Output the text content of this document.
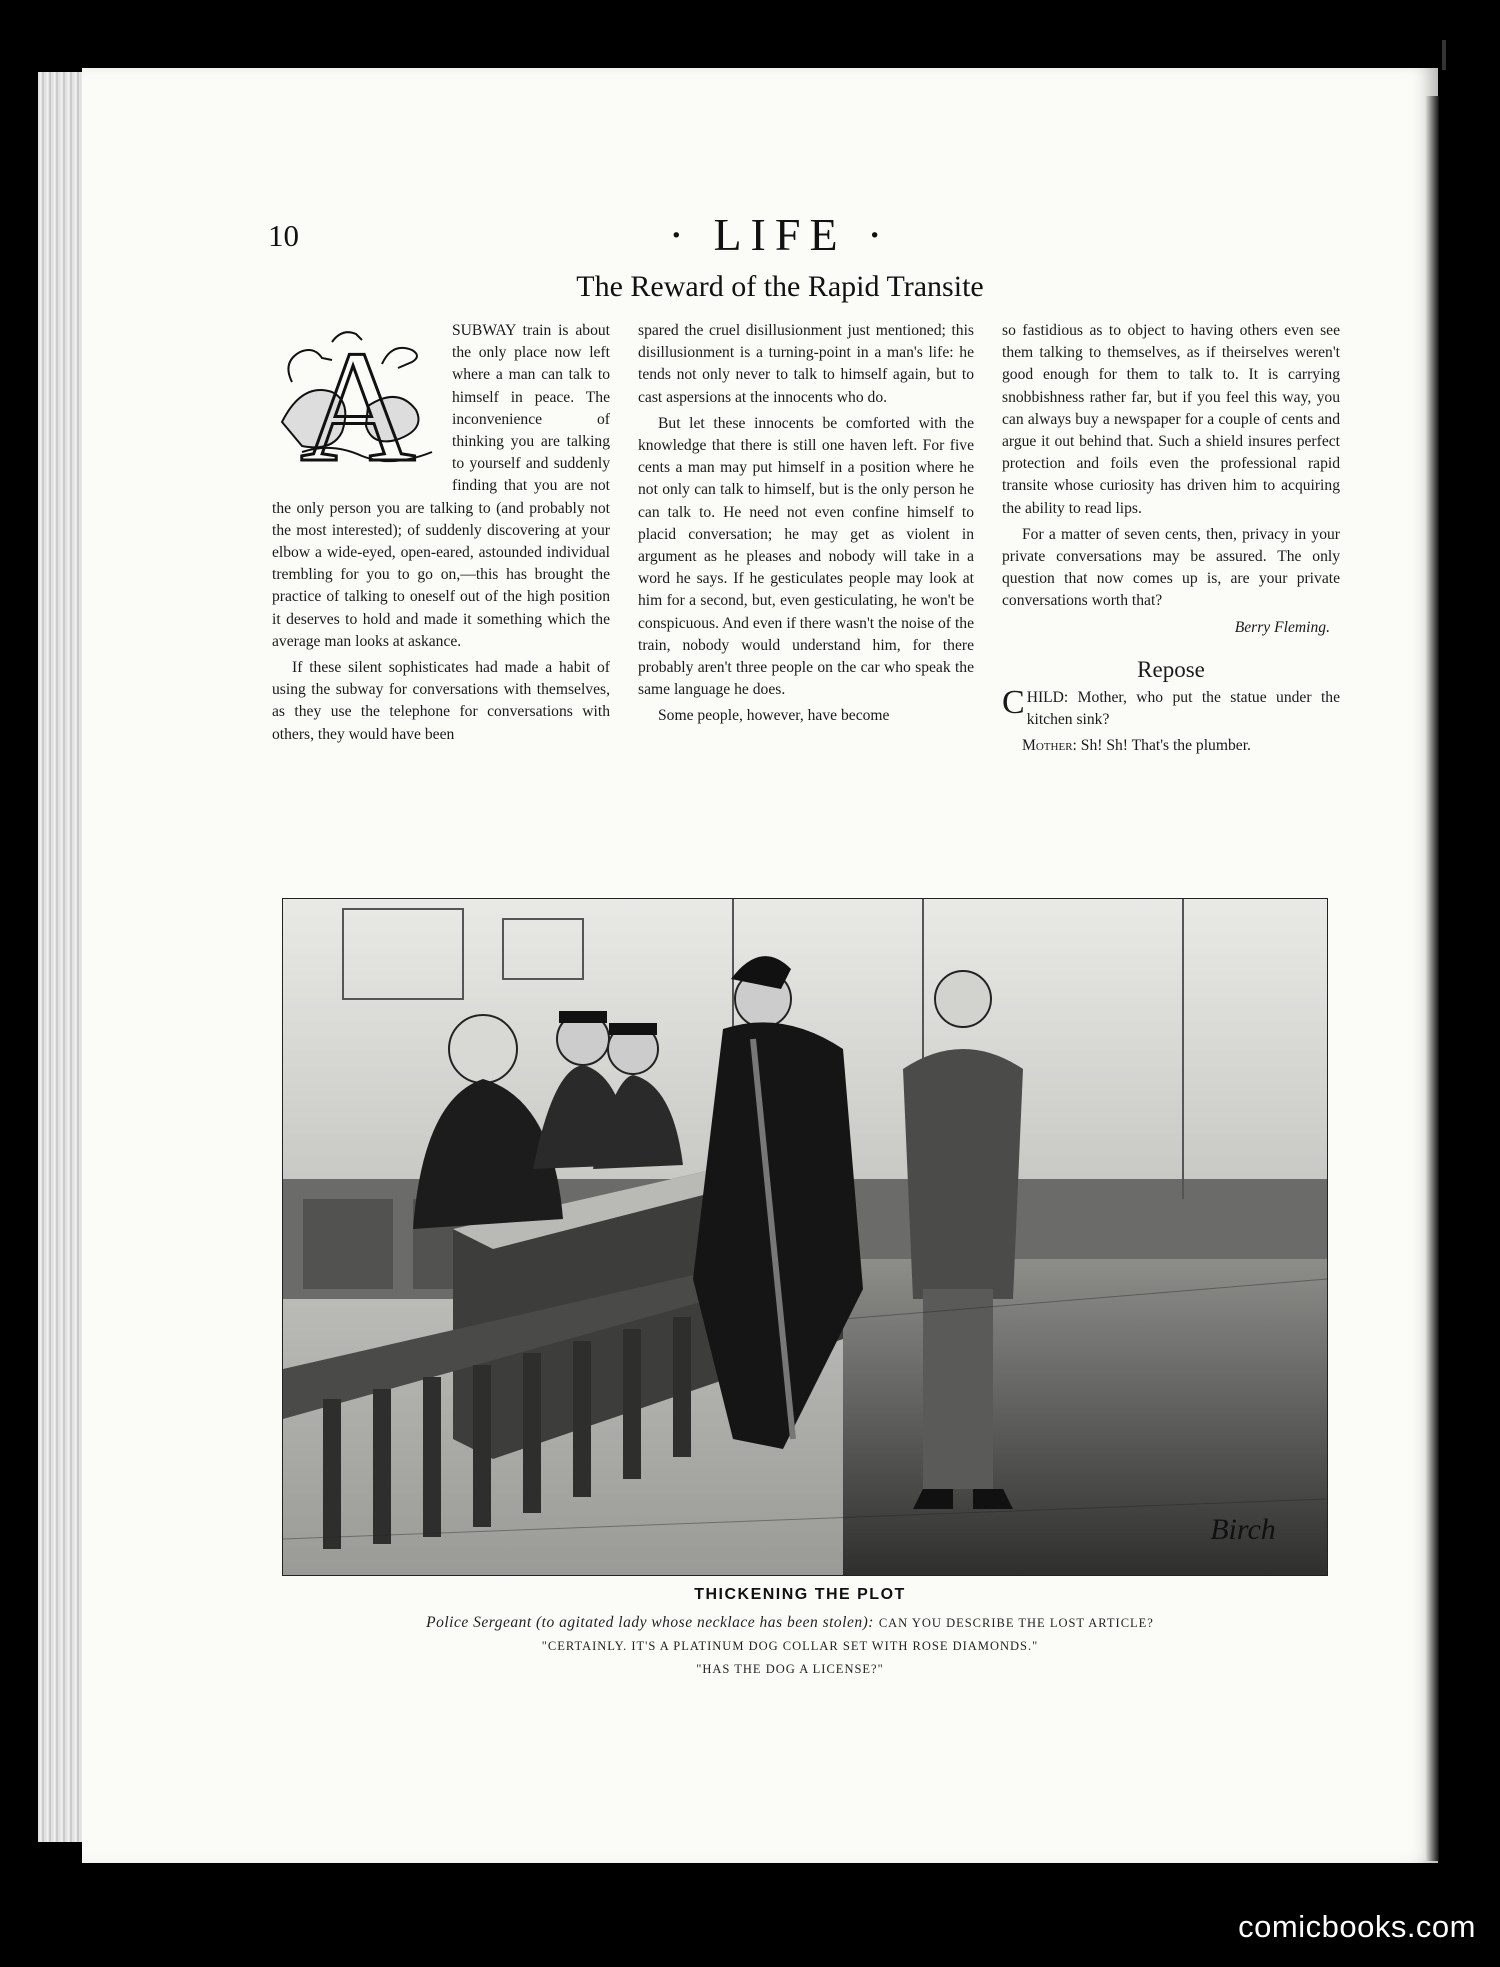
10	· LIFE ·
The Reward of the Rapid Transite
A	SUBWAY train is about the only place now left where a man can talk to himself in peace. The inconvenience of thinking you are talking to yourself and suddenly finding that you are not the only person you are talking to (and probably not the most interested); of suddenly discovering at your elbow a wide-eyed, open-eared, astounded individual trembling for you to go on,—this has brought the practice of talking to oneself out of the high position it deserves to hold and made it something which the average man looks at askance.

If these silent sophisticates had made a habit of using the subway for conversations with themselves, as they use the telephone for conversations with others, they would have been

spared the cruel disillusionment just mentioned; this disillusionment is a turning-point in a man's life: he tends not only never to talk to himself again, but to cast aspersions at the innocents who do.

But let these innocents be comforted with the knowledge that there is still one haven left. For five cents a man may put himself in a position where he not only can talk to himself, but is the only person he can talk to. He need not even confine himself to placid conversation; he may get as violent in argument as he pleases and nobody will take in a word he says. If he gesticulates people may look at him for a second, but, even gesticulating, he won't be conspicuous. And even if there wasn't the noise of the train, nobody would understand him, for there probably aren't three people on the car who speak the same language he does.

Some people, however, have become

so fastidious as to object to having others even see them talking to themselves, as if theirselves weren't good enough for them to talk to. It is carrying snobbishness rather far, but if you feel this way, you can always buy a newspaper for a couple of cents and argue it out behind that. Such a shield insures perfect protection and foils even the professional rapid transite whose curiosity has driven him to acquiring the ability to read lips.

For a matter of seven cents, then, privacy in your private conversations may be assured. The only question that now comes up is, are your private conversations worth that?

Berry Fleming.
Repose

CHILD: Mother, who put the statue under the kitchen sink?

Mother: Sh! Sh! That's the plumber.

Birch
THICKENING THE PLOT
Police Sergeant (to agitated lady whose necklace has been stolen): CAN YOU DESCRIBE THE LOST ARTICLE?
"CERTAINLY. IT'S A PLATINUM DOG COLLAR SET WITH ROSE DIAMONDS."
"HAS THE DOG A LICENSE?"
comicbooks.com
